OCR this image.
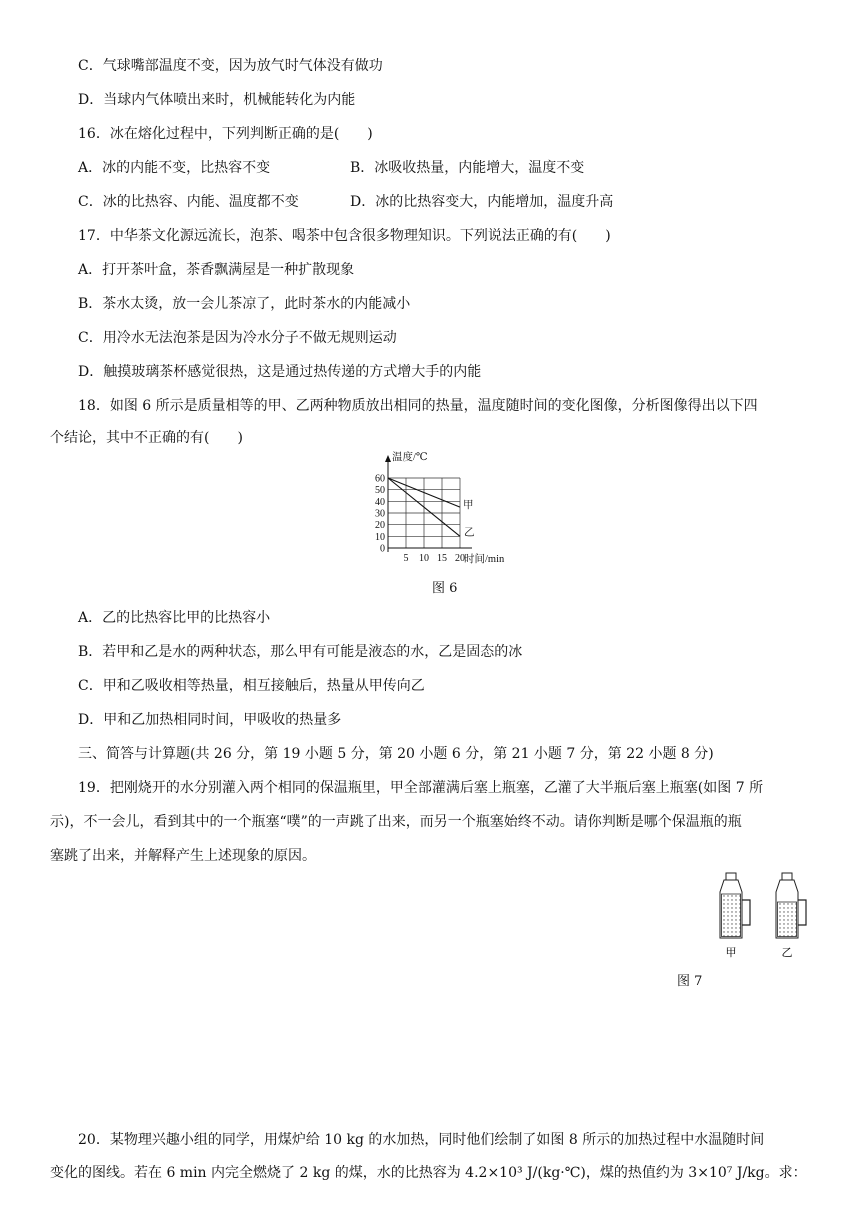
C．气球嘴部温度不变，因为放气时气体没有做功
D．当球内气体喷出来时，机械能转化为内能
16．冰在熔化过程中，下列判断正确的是(　　)
A．冰的内能不变，比热容不变	B．冰吸收热量，内能增大，温度不变
C．冰的比热容、内能、温度都不变	D．冰的比热容变大，内能增加，温度升高
17．中华茶文化源远流长，泡茶、喝茶中包含很多物理知识。下列说法正确的有(　　)
A．打开茶叶盒，茶香飘满屋是一种扩散现象
B．茶水太烫，放一会儿茶凉了，此时茶水的内能减小
C．用冷水无法泡茶是因为冷水分子不做无规则运动
D．触摸玻璃茶杯感觉很热，这是通过热传递的方式增大手的内能
18．如图 6 所示是质量相等的甲、乙两种物质放出相同的热量，温度随时间的变化图像，分析图像得出以下四
个结论，其中不正确的有(　　)
60
50
40
30
20
10
0
5 10 15 20
温度/℃
时间/min
甲
乙
图 6
A．乙的比热容比甲的比热容小
B．若甲和乙是水的两种状态，那么甲有可能是液态的水，乙是固态的冰
C．甲和乙吸收相等热量，相互接触后，热量从甲传向乙
D．甲和乙加热相同时间，甲吸收的热量多
三、简答与计算题(共 26 分，第 19 小题 5 分，第 20 小题 6 分，第 21 小题 7 分，第 22 小题 8 分)
19．把刚烧开的水分别灌入两个相同的保温瓶里，甲全部灌满后塞上瓶塞，乙灌了大半瓶后塞上瓶塞(如图 7 所
示)，不一会儿，看到其中的一个瓶塞“噗”的一声跳了出来，而另一个瓶塞始终不动。请你判断是哪个保温瓶的瓶
塞跳了出来，并解释产生上述现象的原因。
甲	乙
图 7
20．某物理兴趣小组的同学，用煤炉给 10 kg 的水加热，同时他们绘制了如图 8 所示的加热过程中水温随时间
变化的图线。若在 6 min 内完全燃烧了 2 kg 的煤，水的比热容为 4.2×10³ J/(kg·℃)，煤的热值约为 3×10⁷ J/kg。求：
